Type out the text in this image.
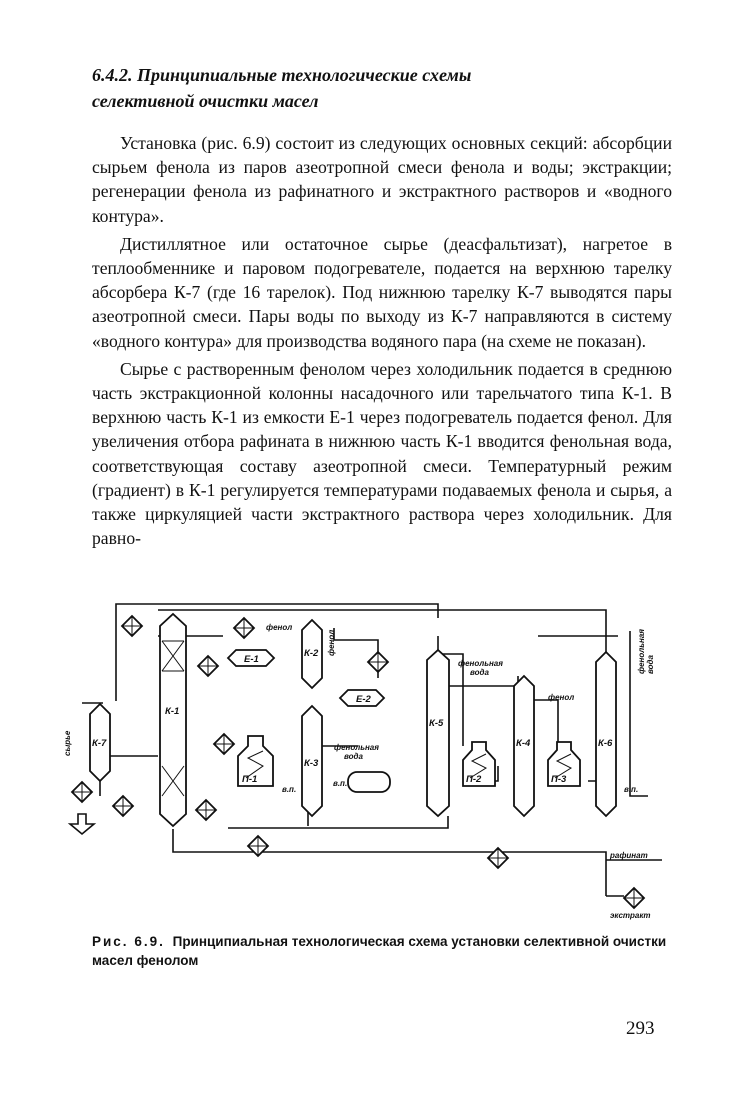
6.4.2. Принципиальные технологические схемы
селективной очистки масел

Установка (рис. 6.9) состоит из следующих основных секций: абсорбции сырьем фенола из паров азеотропной смеси фенола и воды; экстракции; регенерации фенола из рафинатного и экстрактного растворов и «водного контура».

Дистиллятное или остаточное сырье (деасфальтизат), нагретое в теплообменнике и паровом подогревателе, подается на верхнюю тарелку абсорбера К-7 (где 16 тарелок). Под нижнюю тарелку К-7 выводятся пары азеотропной смеси. Пары воды по выходу из К-7 направляются в систему «водного контура» для производства водяного пара (на схеме не показан).

Сырье с растворенным фенолом через холодильник подается в среднюю часть экстракционной колонны насадочного или тарельчатого типа К-1. В верхнюю часть К-1 из емкости Е-1 через подогреватель подается фенол. Для увеличения отбора рафината в нижнюю часть К-1 вводится фенольная вода, соответствующая составу азеотропной смеси. Температурный режим (градиент) в К-1 регулируется температурами подаваемых фенола и сырья, а также циркуляцией части экстрактного раствора через холодильник. Для равно-

К-1
К-7
К-2
К-3
К-5
К-4	К-6
Е-1
Е-2
П-1	П-2	П-3
фенол
фенол
фенол
фенольная
вода
фенольная
вода
фенольная вода
сырье
в.п.
в.п.
в.п.
рафинат
экстракт
Рис. 6.9. Принципиальная технологическая схема установки селективной очистки масел фенолом
293
